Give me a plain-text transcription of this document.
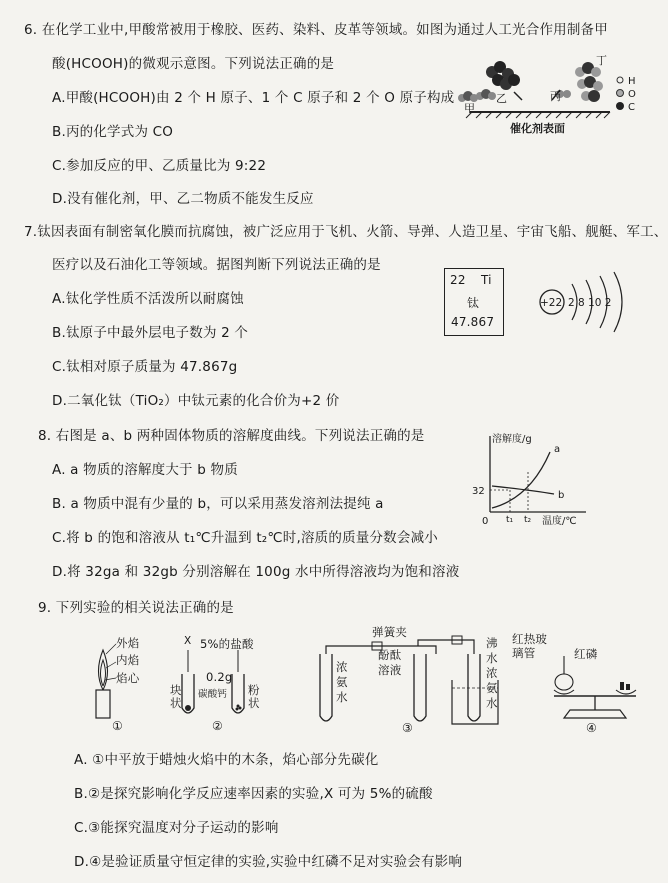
6. 在化学工业中,甲酸常被用于橡胶、医药、染料、皮革等领域。如图为通过人工光合作用制备甲
酸(HCOOH)的微观示意图。下列说法正确的是
A.甲酸(HCOOH)由 2 个 H 原子、1 个 C 原子和 2 个 O 原子构成
B.丙的化学式为 CO
C.参加反应的甲、乙质量比为 9:22
D.没有催化剂，甲、乙二物质不能发生反应
甲
乙	丙
丁
催化剂表面
H
O
C
7.钛因表面有制密氧化膜而抗腐蚀，被广泛应用于飞机、火箭、导弹、人造卫星、宇宙飞船、舰艇、军工、
医疗以及石油化工等领域。据图判断下列说法正确的是
A.钛化学性质不活泼所以耐腐蚀
B.钛原子中最外层电子数为 2 个
C.钛相对原子质量为 47.867g
D.二氧化钛（TiO₂）中钛元素的化合价为+2 价
22 Ti
钛
47.867
+22 2 8 10 2
8. 右图是 a、b 两种固体物质的溶解度曲线。下列说法正确的是
A. a 物质的溶解度大于 b 物质
B. a 物质中混有少量的 b，可以采用蒸发溶剂法提纯 a
C.将 b 的饱和溶液从 t₁℃升温到 t₂℃时,溶质的质量分数会减小
D.将 32ga 和 32gb 分别溶解在 100g 水中所得溶液均为饱和溶液
溶解度/g
温度/℃
0
32
t₁ t₂
a
b
9. 下列实验的相关说法正确的是
①
外焰
内焰
焰心
X
②
5%的盐酸
0.2g
碳酸钙
块状
粉状
③
弹簧夹
浓氨水
酚酞溶液
沸水
浓氨水
④
红热玻璃管	红磷
A. ①中平放于蜡烛火焰中的木条，焰心部分先碳化
B.②是探究影响化学反应速率因素的实验,X 可为 5%的硫酸
C.③能探究温度对分子运动的影响
D.④是验证质量守恒定律的实验,实验中红磷不足对实验会有影响
